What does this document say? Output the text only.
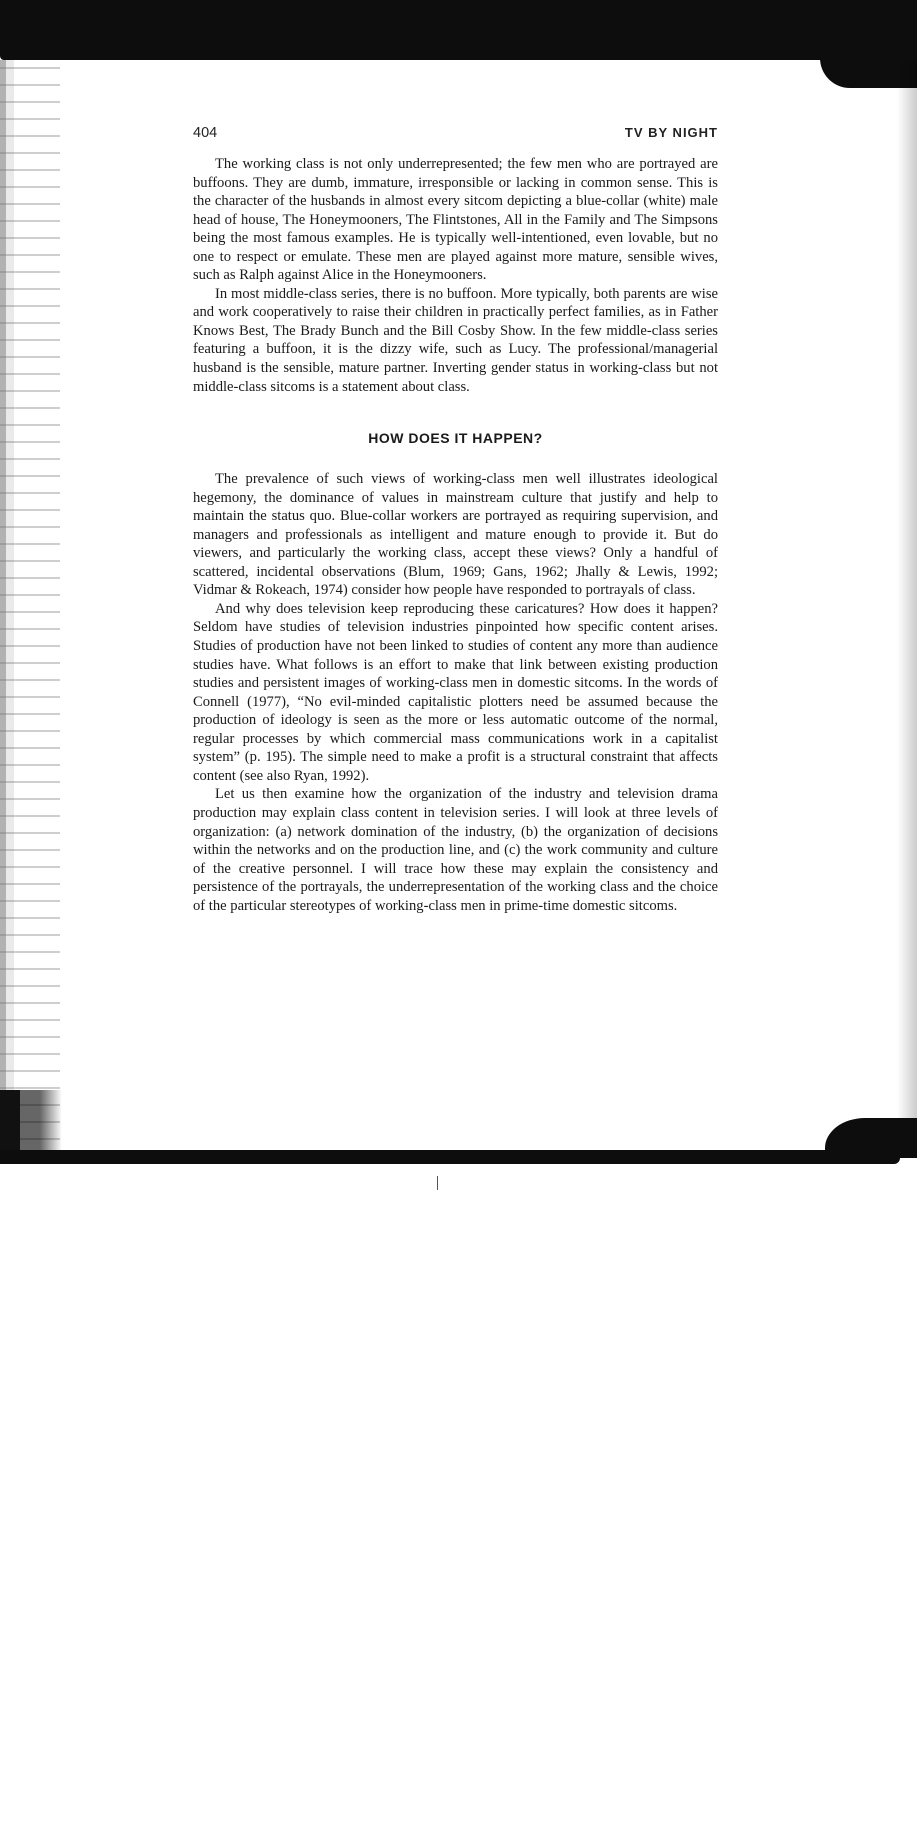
404	TV BY NIGHT

The working class is not only underrepresented; the few men who are portrayed are buffoons. They are dumb, immature, irresponsible or lacking in common sense. This is the character of the husbands in almost every sitcom depicting a blue-collar (white) male head of house, The Honeymooners, The Flintstones, All in the Family and The Simpsons being the most famous examples. He is typically well-intentioned, even lovable, but no one to respect or emulate. These men are played against more mature, sensible wives, such as Ralph against Alice in the Honeymooners.

In most middle-class series, there is no buffoon. More typically, both parents are wise and work cooperatively to raise their children in practically perfect families, as in Father Knows Best, The Brady Bunch and the Bill Cosby Show. In the few middle-class series featuring a buffoon, it is the dizzy wife, such as Lucy. The professional/managerial husband is the sensible, mature partner. Inverting gender status in working-class but not middle-class sitcoms is a statement about class.

HOW DOES IT HAPPEN?

The prevalence of such views of working-class men well illustrates ideological hegemony, the dominance of values in mainstream culture that justify and help to maintain the status quo. Blue-collar workers are portrayed as requiring supervision, and managers and professionals as intelligent and mature enough to provide it. But do viewers, and particularly the working class, accept these views? Only a handful of scattered, incidental observations (Blum, 1969; Gans, 1962; Jhally & Lewis, 1992; Vidmar & Rokeach, 1974) consider how people have responded to portrayals of class.

And why does television keep reproducing these caricatures? How does it happen? Seldom have studies of television industries pinpointed how specific content arises. Studies of production have not been linked to studies of content any more than audience studies have. What follows is an effort to make that link between existing production studies and persistent images of working-class men in domestic sitcoms. In the words of Connell (1977), “No evil-minded capitalistic plotters need be assumed because the production of ideology is seen as the more or less automatic outcome of the normal, regular processes by which commercial mass communications work in a capitalist system” (p. 195). The simple need to make a profit is a structural constraint that affects content (see also Ryan, 1992).

Let us then examine how the organization of the industry and television drama production may explain class content in television series. I will look at three levels of organization: (a) network domination of the industry, (b) the organization of decisions within the networks and on the production line, and (c) the work community and culture of the creative personnel. I will trace how these may explain the consistency and persistence of the portrayals, the underrepresentation of the working class and the choice of the particular stereotypes of working-class men in prime-time domestic sitcoms.
